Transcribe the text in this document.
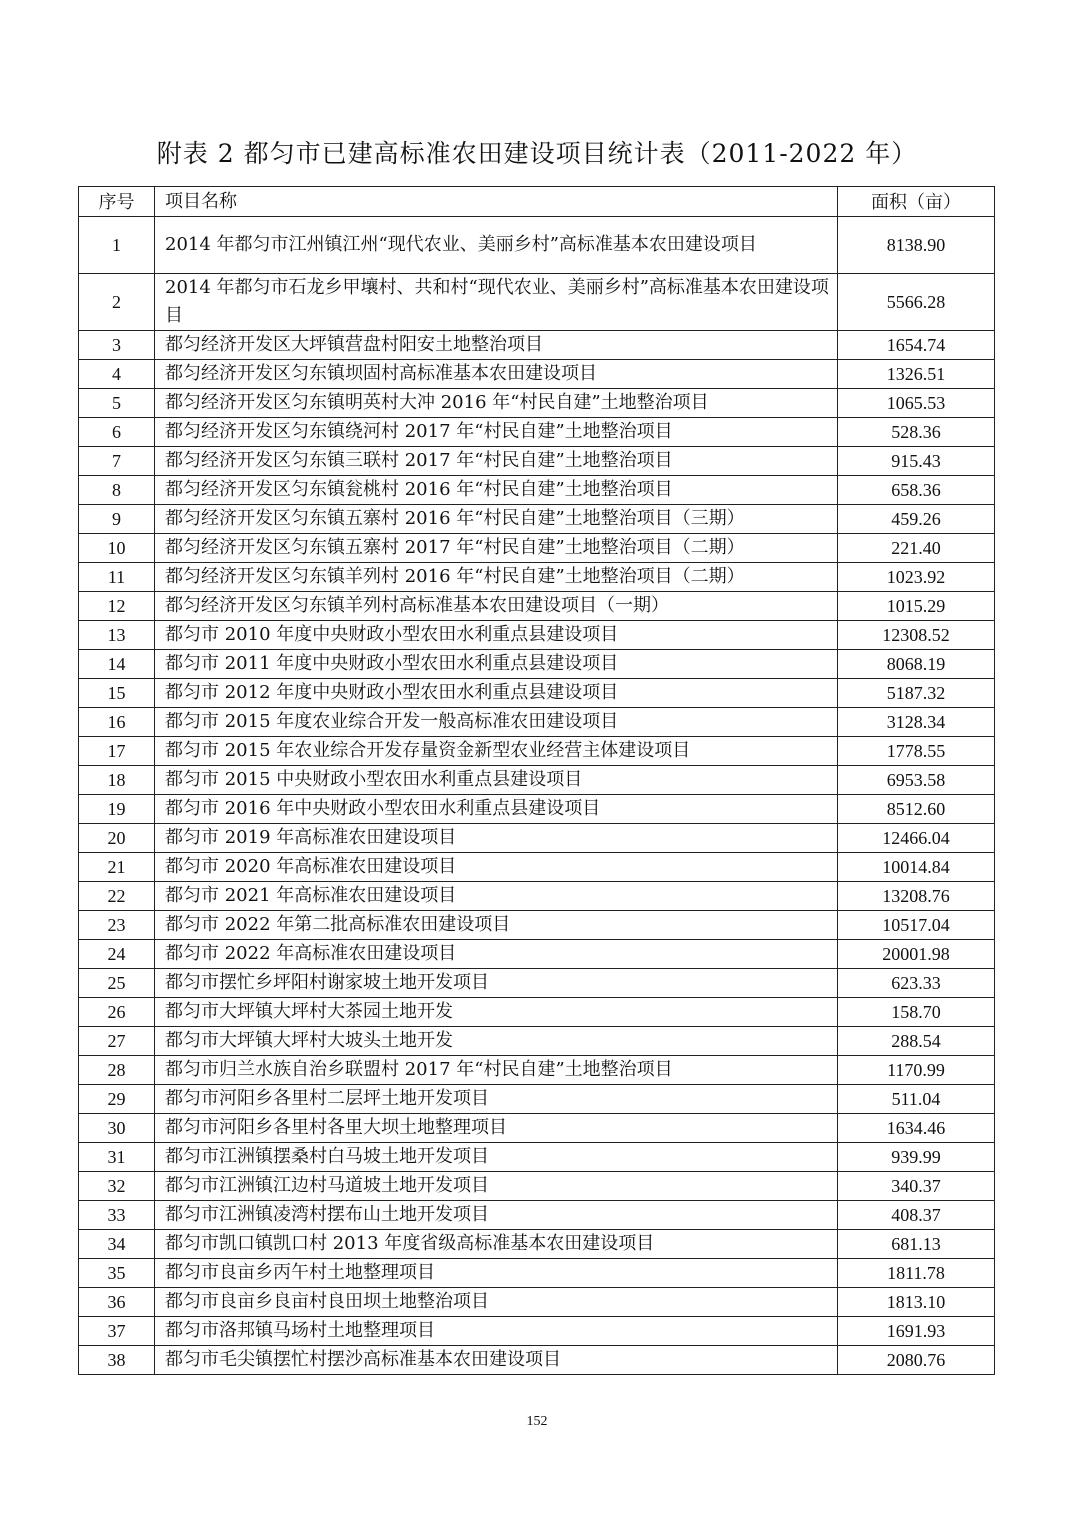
附表 2 都匀市已建高标准农田建设项目统计表（2011-2022 年）
序号	项目名称	面积（亩）
1	2014 年都匀市江州镇江州“现代农业、美丽乡村”高标准基本农田建设项目	8138.90
2	2014 年都匀市石龙乡甲壤村、共和村“现代农业、美丽乡村”高标准基本农田建设项目	5566.28
3	都匀经济开发区大坪镇营盘村阳安土地整治项目	1654.74
4	都匀经济开发区匀东镇坝固村高标准基本农田建设项目	1326.51
5	都匀经济开发区匀东镇明英村大冲 2016 年“村民自建”土地整治项目	1065.53
6	都匀经济开发区匀东镇绕河村 2017 年“村民自建”土地整治项目	528.36
7	都匀经济开发区匀东镇三联村 2017 年“村民自建”土地整治项目	915.43
8	都匀经济开发区匀东镇瓮桃村 2016 年“村民自建”土地整治项目	658.36
9	都匀经济开发区匀东镇五寨村 2016 年“村民自建”土地整治项目（三期）	459.26
10	都匀经济开发区匀东镇五寨村 2017 年“村民自建”土地整治项目（二期）	221.40
11	都匀经济开发区匀东镇羊列村 2016 年“村民自建”土地整治项目（二期）	1023.92
12	都匀经济开发区匀东镇羊列村高标准基本农田建设项目（一期）	1015.29
13	都匀市 2010 年度中央财政小型农田水利重点县建设项目	12308.52
14	都匀市 2011 年度中央财政小型农田水利重点县建设项目	8068.19
15	都匀市 2012 年度中央财政小型农田水利重点县建设项目	5187.32
16	都匀市 2015 年度农业综合开发一般高标准农田建设项目	3128.34
17	都匀市 2015 年农业综合开发存量资金新型农业经营主体建设项目	1778.55
18	都匀市 2015 中央财政小型农田水利重点县建设项目	6953.58
19	都匀市 2016 年中央财政小型农田水利重点县建设项目	8512.60
20	都匀市 2019 年高标准农田建设项目	12466.04
21	都匀市 2020 年高标准农田建设项目	10014.84
22	都匀市 2021 年高标准农田建设项目	13208.76
23	都匀市 2022 年第二批高标准农田建设项目	10517.04
24	都匀市 2022 年高标准农田建设项目	20001.98
25	都匀市摆忙乡坪阳村谢家坡土地开发项目	623.33
26	都匀市大坪镇大坪村大茶园土地开发	158.70
27	都匀市大坪镇大坪村大坡头土地开发	288.54
28	都匀市归兰水族自治乡联盟村 2017 年“村民自建”土地整治项目	1170.99
29	都匀市河阳乡各里村二层坪土地开发项目	511.04
30	都匀市河阳乡各里村各里大坝土地整理项目	1634.46
31	都匀市江洲镇摆桑村白马坡土地开发项目	939.99
32	都匀市江洲镇江边村马道坡土地开发项目	340.37
33	都匀市江洲镇凌湾村摆布山土地开发项目	408.37
34	都匀市凯口镇凯口村 2013 年度省级高标准基本农田建设项目	681.13
35	都匀市良亩乡丙午村土地整理项目	1811.78
36	都匀市良亩乡良亩村良田坝土地整治项目	1813.10
37	都匀市洛邦镇马场村土地整理项目	1691.93
38	都匀市毛尖镇摆忙村摆沙高标准基本农田建设项目	2080.76
152
